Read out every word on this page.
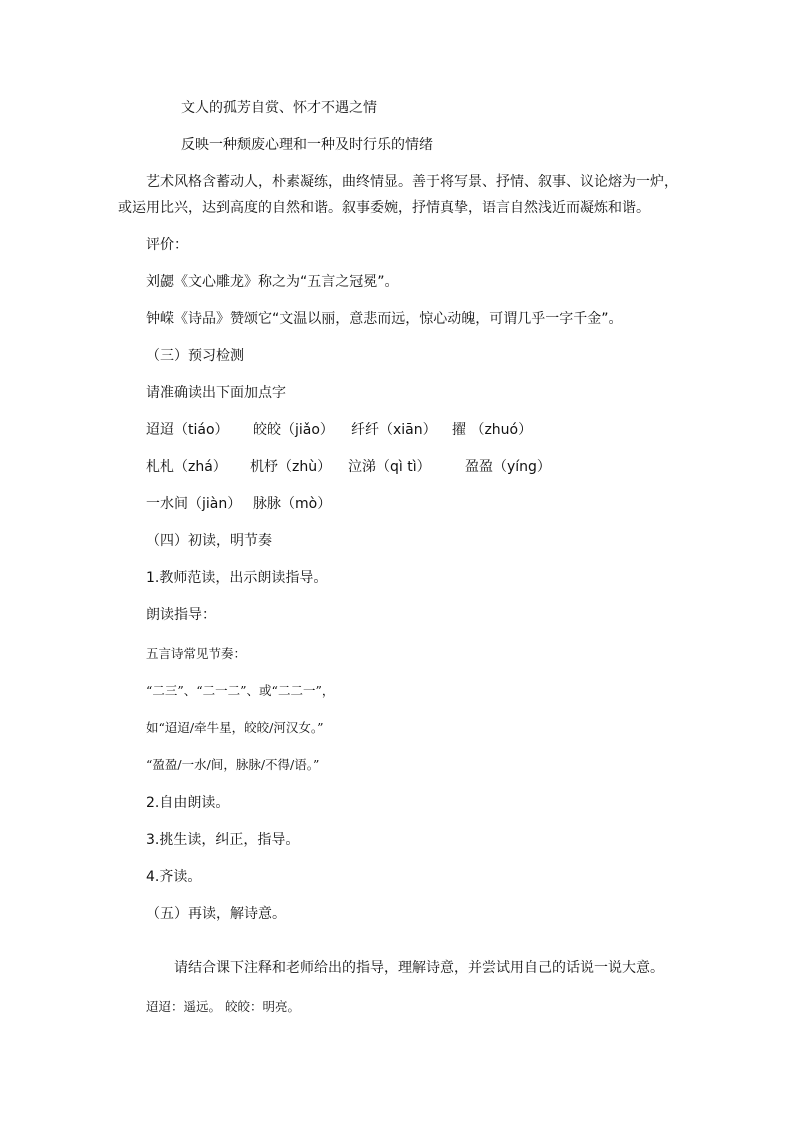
文人的孤芳自赏、怀才不遇之情
反映一种颓废心理和一种及时行乐的情绪
艺术风格含蓄动人，朴素凝练，曲终情显。善于将写景、抒情、叙事、议论熔为一炉，
或运用比兴，达到高度的自然和谐。叙事委婉，抒情真挚，语言自然浅近而凝炼和谐。
评价：
刘勰《文心雕龙》称之为“五言之冠冕”。
钟嵘《诗品》赞颂它“文温以丽，意悲而远，惊心动魄，可谓几乎一字千金”。
（三）预习检测
请准确读出下面加点字
迢迢（tiáo） 皎皎（jiǎo） 纤纤（xiān） 擢 （zhuó）
札札（zhá） 机杼（zhù） 泣涕（qì tì） 盈盈（yíng）
一水间（jiàn） 脉脉（mò）
（四）初读，明节奏
1.教师范读，出示朗读指导。
朗读指导：
五言诗常见节奏：
“二三”、“二一二”、或“二二一”，
如“迢迢/牵牛星，皎皎/河汉女。”
“盈盈/一水/间，脉脉/不得/语。”
2.自由朗读。
3.挑生读，纠正，指导。
4.齐读。
（五）再读，解诗意。
请结合课下注释和老师给出的指导，理解诗意，并尝试用自己的话说一说大意。
迢迢：遥远。 皎皎：明亮。
